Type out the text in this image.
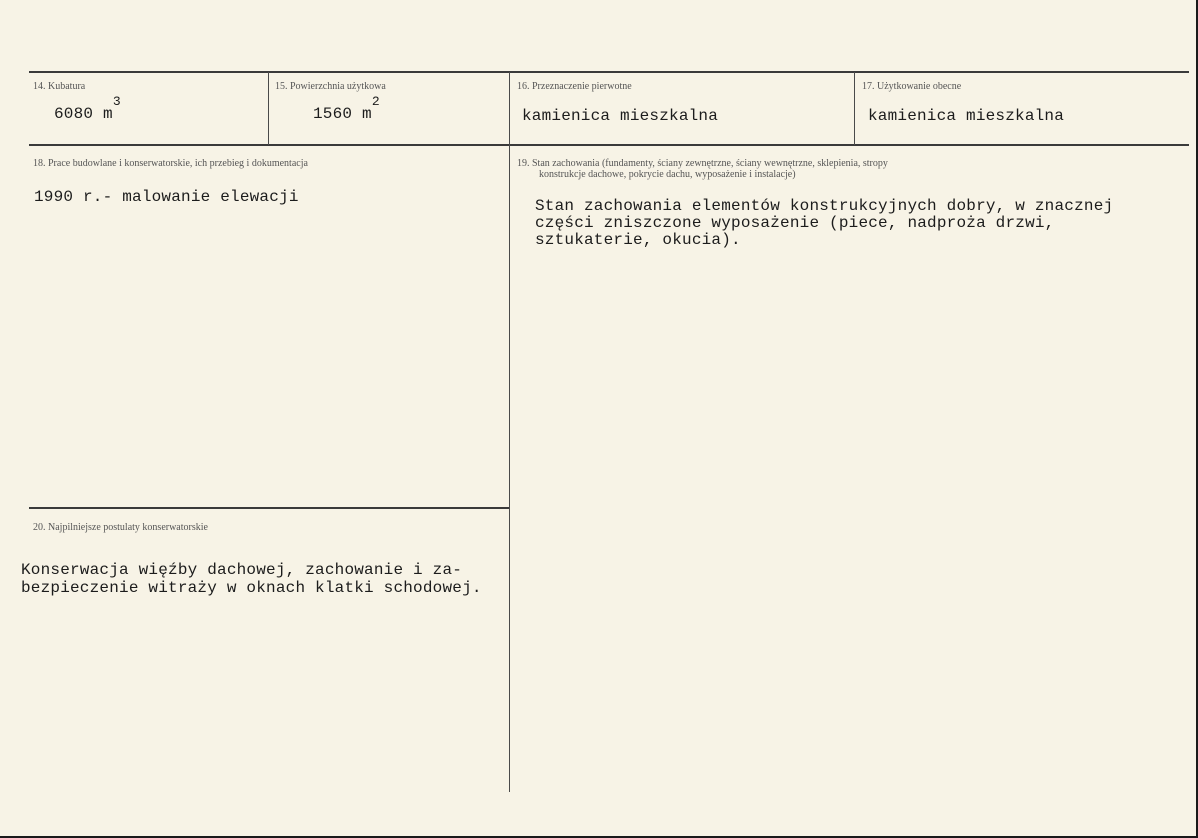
14. Kubatura
6080 $m^3$
15. Powierzchnia użytkowa
1560 $m^2$
16. Przeznaczenie pierwotne
kamienica mieszkalna
17. Użytkowanie obecne
kamienica mieszkalna
18. Prace budowlane i konserwatorskie, ich przebieg i dokumentacja
1990 r.- malowanie elewacji
19. Stan zachowania (fundamenty, ściany zewnętrzne, ściany wewnętrzne, sklepienia, stropy
konstrukcje dachowe, pokrycie dachu, wyposażenie i instalacje)
Stan zachowania elementów konstrukcyjnych dobry, w znacznej
części zniszczone wyposażenie (piece, nadproża drzwi,
sztukaterie, okucia).
20. Najpilniejsze postulaty konserwatorskie
Konserwacja więźby dachowej, zachowanie i za-
bezpieczenie witraży w oknach klatki schodowej.
